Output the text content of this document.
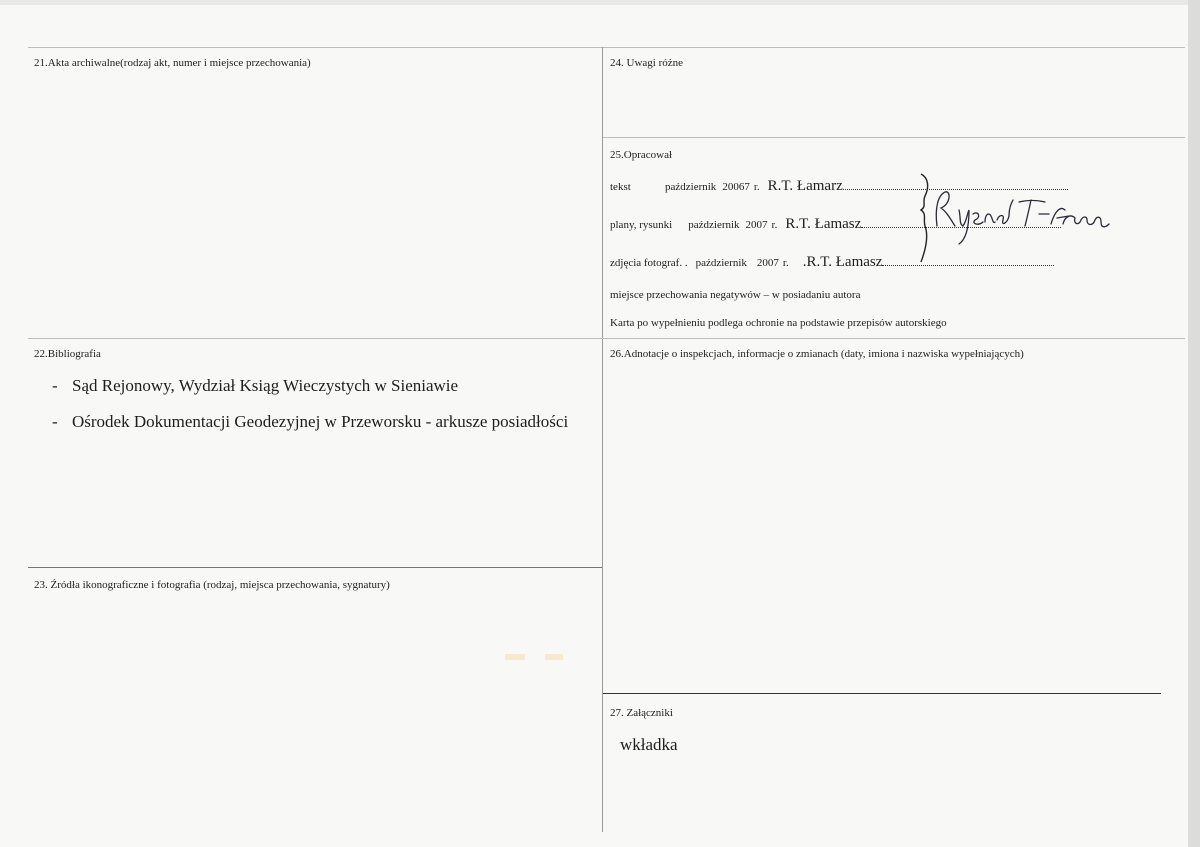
21.Akta archiwalne(rodzaj akt, numer i miejsce przechowania)	24. Uwagi różne
25.Opracował
tekst	październik 20067 r. R.T. Łamarz
plany, rysunki październik 2007 r. R.T. Łamasz
zdjęcia fotograf. . październik 2007 r. .R.T. Łamasz
miejsce przechowania negatywów – w posiadaniu autora
Karta po wypełnieniu podlega ochronie na podstawie przepisów autorskiego
22.Bibliografia
- Sąd Rejonowy, Wydział Ksiąg Wieczystych w Sieniawie
- Ośrodek Dokumentacji Geodezyjnej w Przeworsku - arkusze posiadłości
26.Adnotacje o inspekcjach, informacje o zmianach (daty, imiona i nazwiska wypełniających)
23. Źródła ikonograficzne i fotografia (rodzaj, miejsca przechowania, sygnatury)
27. Załączniki
wkładka
